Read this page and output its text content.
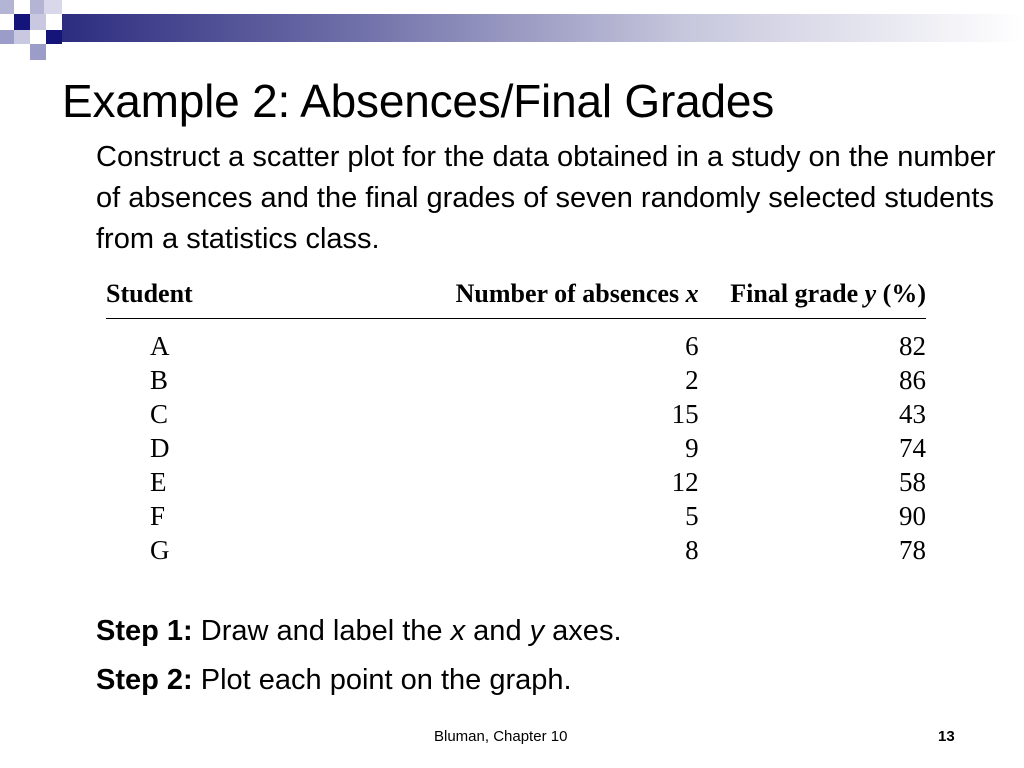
Example 2: Absences/Final Grades

Construct a scatter plot for the data obtained in a study on the number of absences and the final grades of seven randomly selected students from a statistics class.

Student	Number of absences x	Final grade y (%)
A	6	82
B	2	86
C	15	43
D	9	74
E	12	58
F	5	90
G	8	78

Step 1: Draw and label the x and y axes.

Step 2: Plot each point on the graph.

Bluman, Chapter 10	13
